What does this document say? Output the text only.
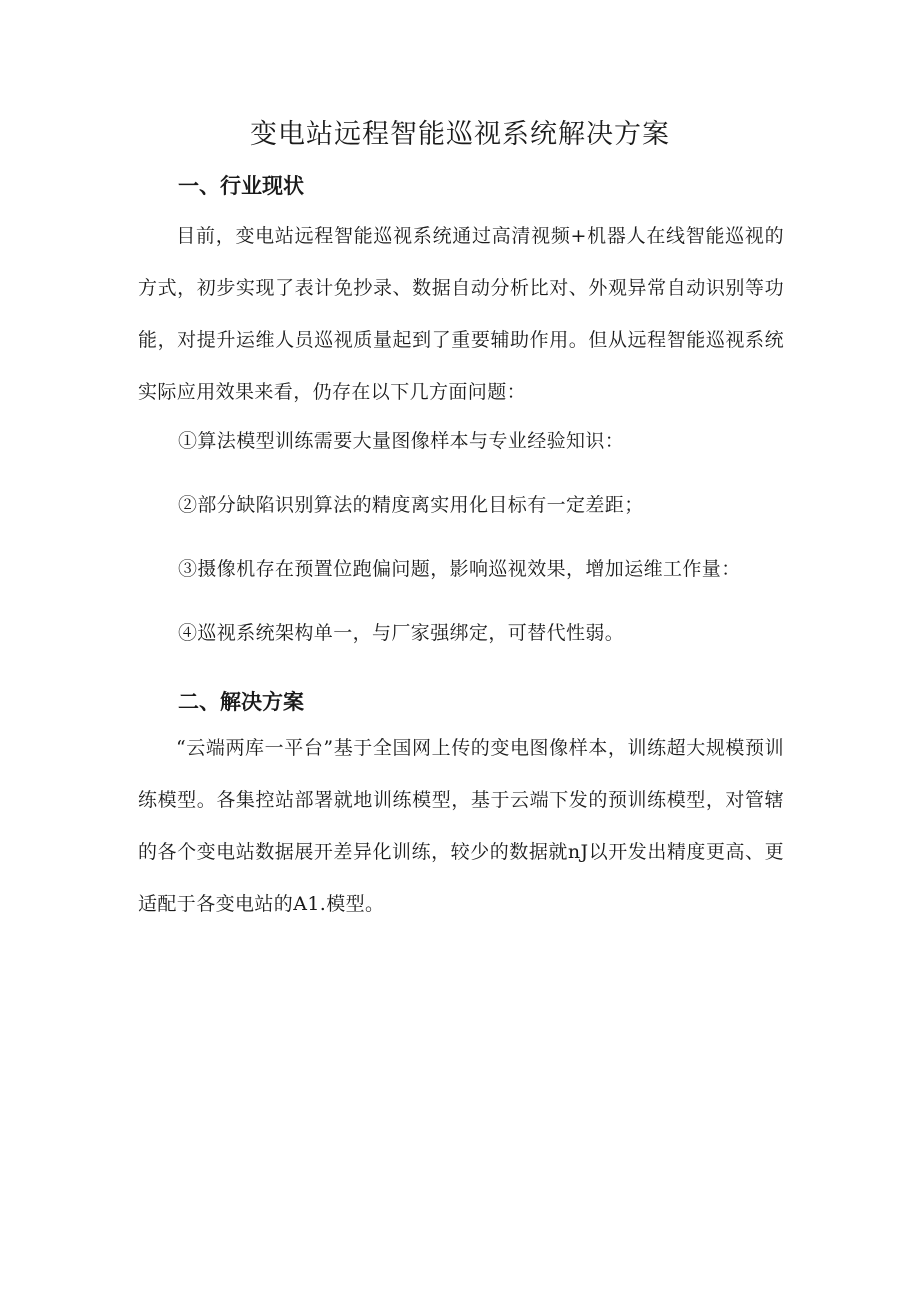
变电站远程智能巡视系统解决方案
一、行业现状

目前，变电站远程智能巡视系统通过高清视频+机器人在线智能巡视的方式，初步实现了表计免抄录、数据自动分析比对、外观异常自动识别等功能，对提升运维人员巡视质量起到了重要辅助作用。但从远程智能巡视系统实际应用效果来看，仍存在以下几方面问题：

①算法模型训练需要大量图像样本与专业经验知识：

②部分缺陷识别算法的精度离实用化目标有一定差距；

③摄像机存在预置位跑偏问题，影响巡视效果，增加运维工作量：

④巡视系统架构单一，与厂家强绑定，可替代性弱。

二、解决方案

“云端两库一平台”基于全国网上传的变电图像样本，训练超大规模预训练模型。各集控站部署就地训练模型，基于云端下发的预训练模型，对管辖的各个变电站数据展开差异化训练，较少的数据就nJ以开发出精度更高、更适配于各变电站的A1.模型。
